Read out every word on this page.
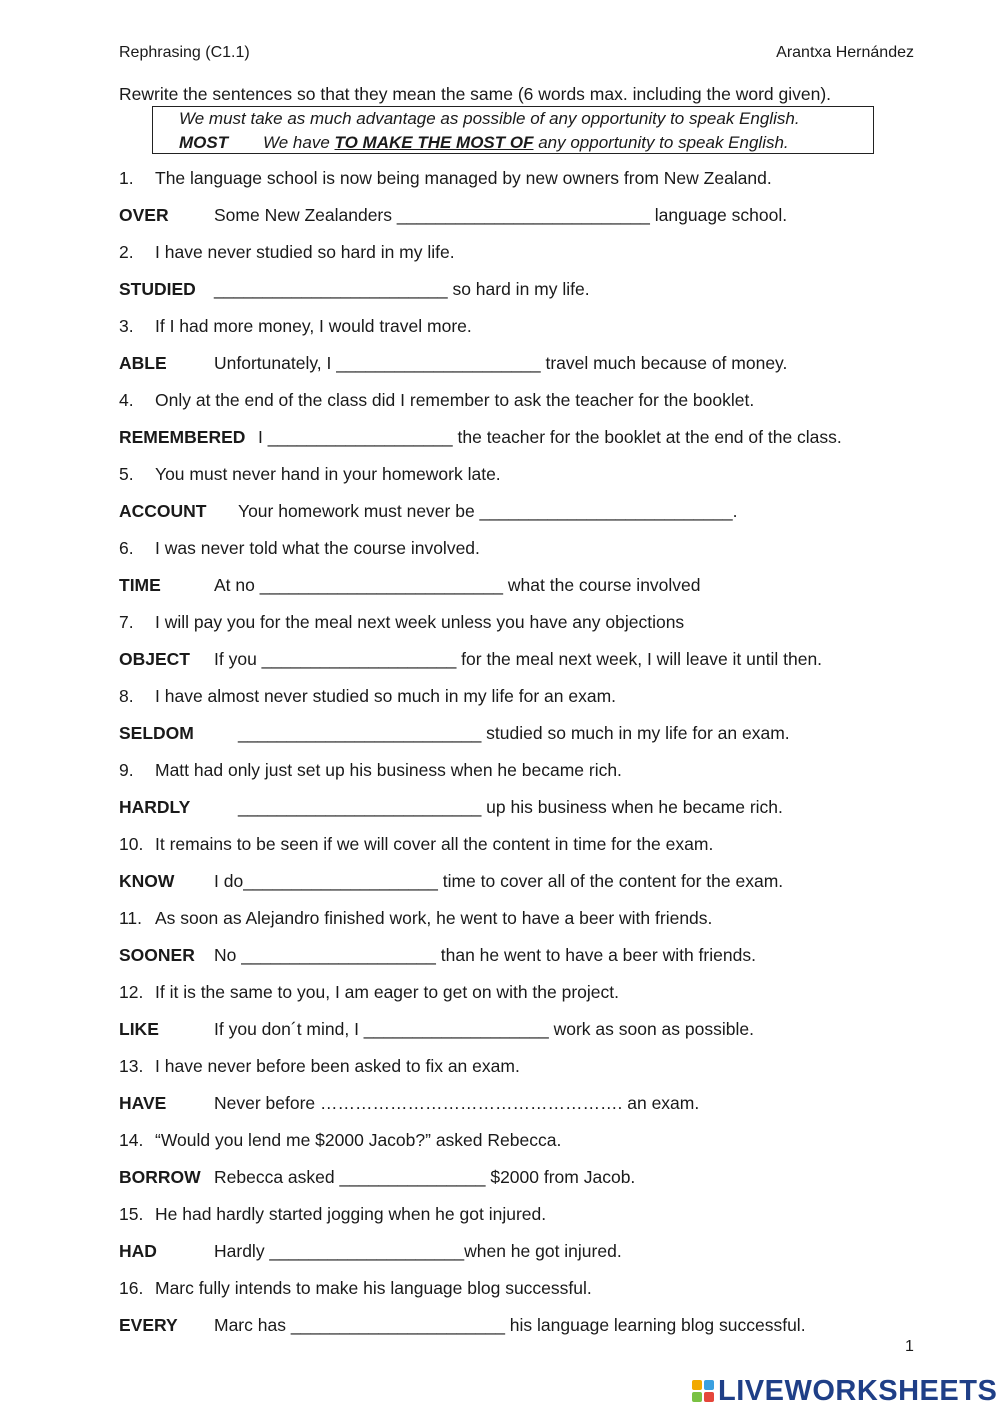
Rephrasing (C1.1)	Arantxa Hernández
Rewrite the sentences so that they mean the same (6 words max. including the word given).
We must take as much advantage as possible of any opportunity to speak English.
MOST We have TO MAKE THE MOST OF any opportunity to speak English.
1. The language school is now being managed by new owners from New Zealand.
OVER	Some New Zealanders __________________________ language school.
2. I have never studied so hard in my life.
STUDIED ________________________ so hard in my life.
3. If I had more money, I would travel more.
ABLE	Unfortunately, I _____________________ travel much because of money.
4. Only at the end of the class did I remember to ask the teacher for the booklet.
REMEMBERED I ___________________ the teacher for the booklet at the end of the class.
5. You must never hand in your homework late.
ACCOUNT Your homework must never be __________________________.
6. I was never told what the course involved.
TIME	At no _________________________ what the course involved
7. I will pay you for the meal next week unless you have any objections
OBJECT If you ____________________ for the meal next week, I will leave it until then.
8. I have almost never studied so much in my life for an exam.
SELDOM	_________________________ studied so much in my life for an exam.
9. Matt had only just set up his business when he became rich.
HARDLY	_________________________ up his business when he became rich.
10. It remains to be seen if we will cover all the content in time for the exam.
KNOW I do____________________ time to cover all of the content for the exam.
11. As soon as Alejandro finished work, he went to have a beer with friends.
SOONER No ____________________ than he went to have a beer with friends.
12. If it is the same to you, I am eager to get on with the project.
LIKE	If you don´t mind, I ___________________ work as soon as possible.
13. I have never before been asked to fix an exam.
HAVE	Never before ……………………………………………. an exam.
14. “Would you lend me $2000 Jacob?” asked Rebecca.
BORROW Rebecca asked _______________ $2000 from Jacob.
15. He had hardly started jogging when he got injured.
HAD	Hardly ____________________when he got injured.
16. Marc fully intends to make his language blog successful.
EVERY Marc has ______________________ his language learning blog successful.
1
LIVEWORKSHEETS
